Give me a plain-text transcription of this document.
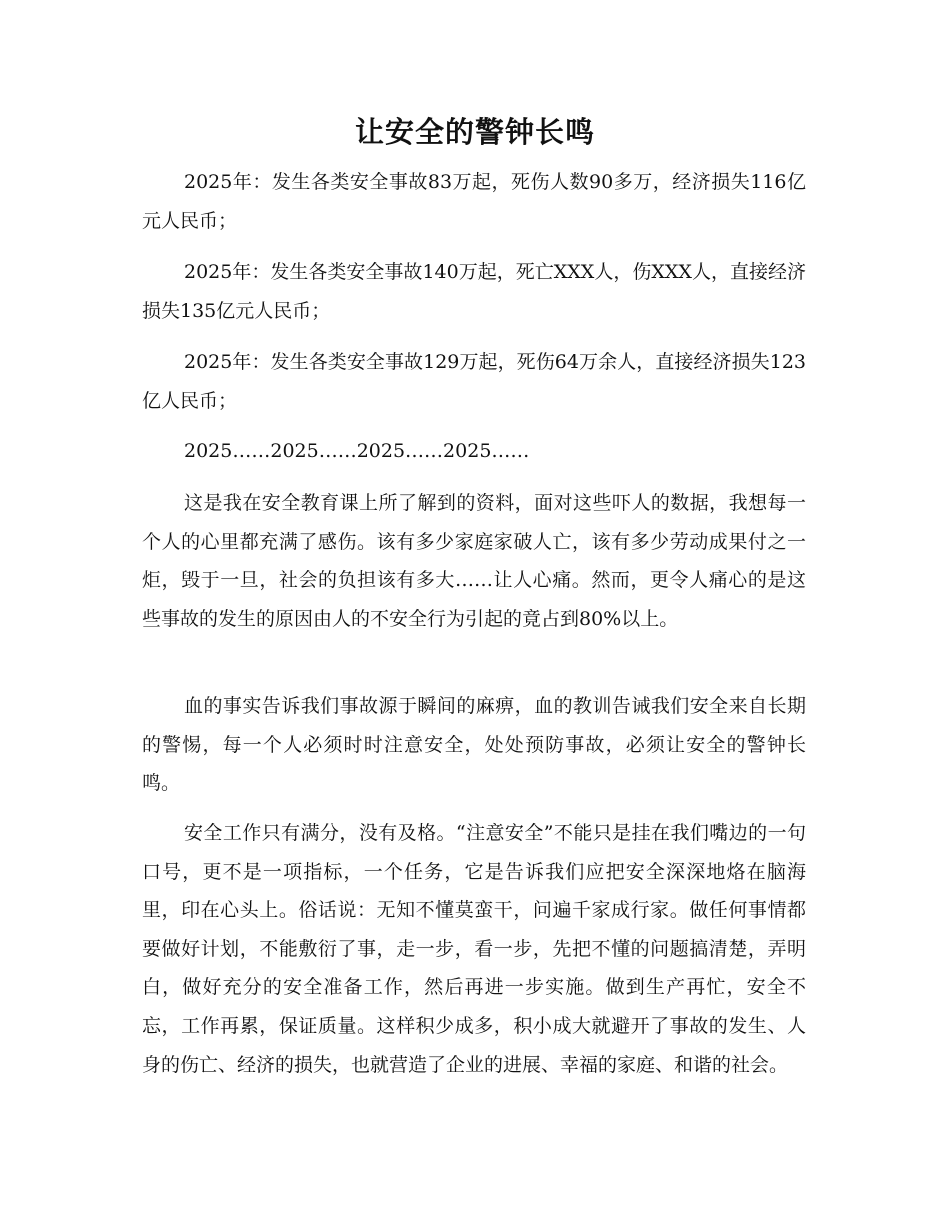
让安全的警钟长鸣

2025年：发生各类安全事故83万起，死伤人数90多万，经济损失116亿元人民币；

2025年：发生各类安全事故140万起，死亡XXX人，伤XXX人，直接经济损失135亿元人民币；

2025年：发生各类安全事故129万起，死伤64万余人，直接经济损失123亿人民币；

2025……2025……2025……2025……

这是我在安全教育课上所了解到的资料，面对这些吓人的数据，我想每一个人的心里都充满了感伤。该有多少家庭家破人亡，该有多少劳动成果付之一炬，毁于一旦，社会的负担该有多大……让人心痛。然而，更令人痛心的是这些事故的发生的原因由人的不安全行为引起的竟占到80%以上。

血的事实告诉我们事故源于瞬间的麻痹，血的教训告诫我们安全来自长期的警惕，每一个人必须时时注意安全，处处预防事故，必须让安全的警钟长鸣。

安全工作只有满分，没有及格。“注意安全”不能只是挂在我们嘴边的一句口号，更不是一项指标，一个任务，它是告诉我们应把安全深深地烙在脑海里，印在心头上。俗话说：无知不懂莫蛮干，问遍千家成行家。做任何事情都要做好计划，不能敷衍了事，走一步，看一步，先把不懂的问题搞清楚，弄明白，做好充分的安全准备工作，然后再进一步实施。做到生产再忙，安全不忘，工作再累，保证质量。这样积少成多，积小成大就避开了事故的发生、人身的伤亡、经济的损失，也就营造了企业的进展、幸福的家庭、和谐的社会。
